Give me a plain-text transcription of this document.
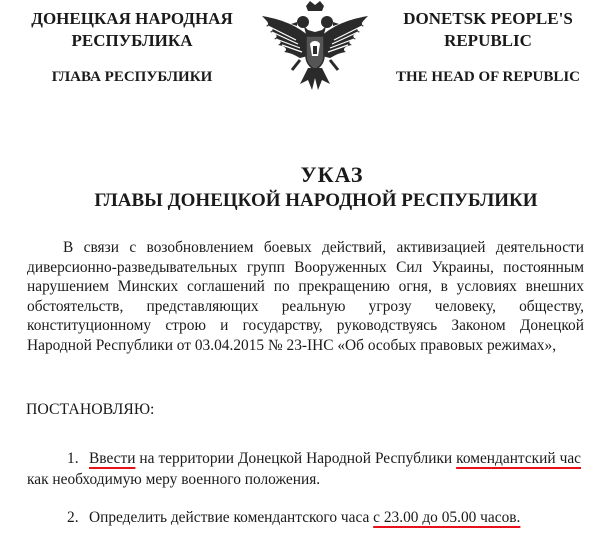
ДОНЕЦКАЯ НАРОДНАЯ
РЕСПУБЛИКА
ГЛАВА РЕСПУБЛИКИ
DONETSK PEOPLE'S
REPUBLIC
THE HEAD OF REPUBLIC
УКАЗ
ГЛАВЫ ДОНЕЦКОЙ НАРОДНОЙ РЕСПУБЛИКИ
В связи с возобновлением боевых действий, активизацией деятельности диверсионно-разведывательных групп Вооруженных Сил Украины, постоянным нарушением Минских соглашений по прекращению огня, в условиях внешних обстоятельств, представляющих реальную угрозу человеку, обществу, конституционному строю и государству, руководствуясь Законом Донецкой Народной Республики от 03.04.2015 № 23-IНС «Об особых правовых режимах»,
ПОСТАНОВЛЯЮ:
1. Ввести на территории Донецкой Народной Республики комендантский час как необходимую меру военного положения.
2. Определить действие комендантского часа с 23.00 до 05.00 часов.
